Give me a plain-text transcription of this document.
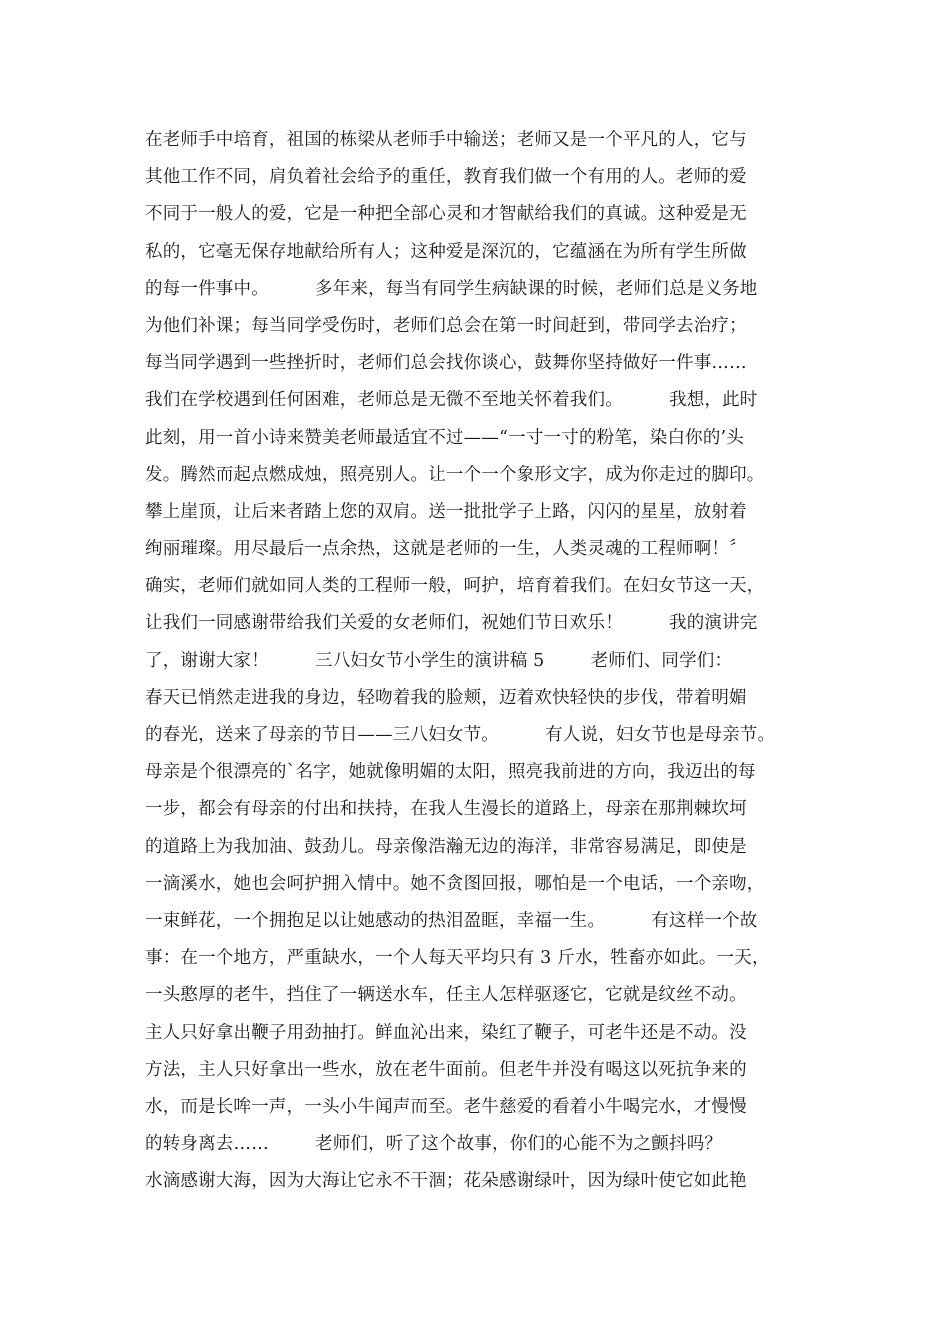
在老师手中培育，祖国的栋梁从老师手中输送；老师又是一个平凡的人，它与
其他工作不同，肩负着社会给予的重任，教育我们做一个有用的人。老师的爱
不同于一般人的爱，它是一种把全部心灵和才智献给我们的真诚。这种爱是无
私的，它毫无保存地献给所有人；这种爱是深沉的，它蕴涵在为所有学生所做
的每一件事中。        多年来，每当有同学生病缺课的时候，老师们总是义务地
为他们补课；每当同学受伤时，老师们总会在第一时间赶到，带同学去治疗；
每当同学遇到一些挫折时，老师们总会找你谈心，鼓舞你坚持做好一件事……
我们在学校遇到任何困难，老师总是无微不至地关怀着我们。        我想，此时
此刻，用一首小诗来赞美老师最适宜不过——“一寸一寸的粉笔，染白你的’头
发。腾然而起点燃成烛，照亮别人。让一个一个象形文字，成为你走过的脚印。
攀上崖顶，让后来者踏上您的双肩。送一批批学子上路，闪闪的星星，放射着
绚丽璀璨。用尽最后一点余热，这就是老师的一生，人类灵魂的工程师啊！〞
确实，老师们就如同人类的工程师一般，呵护，培育着我们。在妇女节这一天，
让我们一同感谢带给我们关爱的女老师们，祝她们节日欢乐！        我的演讲完
了，谢谢大家！        三八妇女节小学生的演讲稿 5        老师们、同学们：
春天已悄然走进我的身边，轻吻着我的脸颊，迈着欢快轻快的步伐，带着明媚
的春光，送来了母亲的节日——三八妇女节。        有人说，妇女节也是母亲节。
母亲是个很漂亮的`名字，她就像明媚的太阳，照亮我前进的方向，我迈出的每
一步，都会有母亲的付出和扶持，在我人生漫长的道路上，母亲在那荆棘坎坷
的道路上为我加油、鼓劲儿。母亲像浩瀚无边的海洋，非常容易满足，即使是
一滴溪水，她也会呵护拥入情中。她不贪图回报，哪怕是一个电话，一个亲吻，
一束鲜花，一个拥抱足以让她感动的热泪盈眶，幸福一生。        有这样一个故
事：在一个地方，严重缺水，一个人每天平均只有 3 斤水，牲畜亦如此。一天，
一头憨厚的老牛，挡住了一辆送水车，任主人怎样驱逐它，它就是纹丝不动。
主人只好拿出鞭子用劲抽打。鲜血沁出来，染红了鞭子，可老牛还是不动。没
方法，主人只好拿出一些水，放在老牛面前。但老牛并没有喝这以死抗争来的
水，而是长哞一声，一头小牛闻声而至。老牛慈爱的看着小牛喝完水，才慢慢
的转身离去……        老师们，听了这个故事，你们的心能不为之颤抖吗？
水滴感谢大海，因为大海让它永不干涸；花朵感谢绿叶，因为绿叶使它如此艳
